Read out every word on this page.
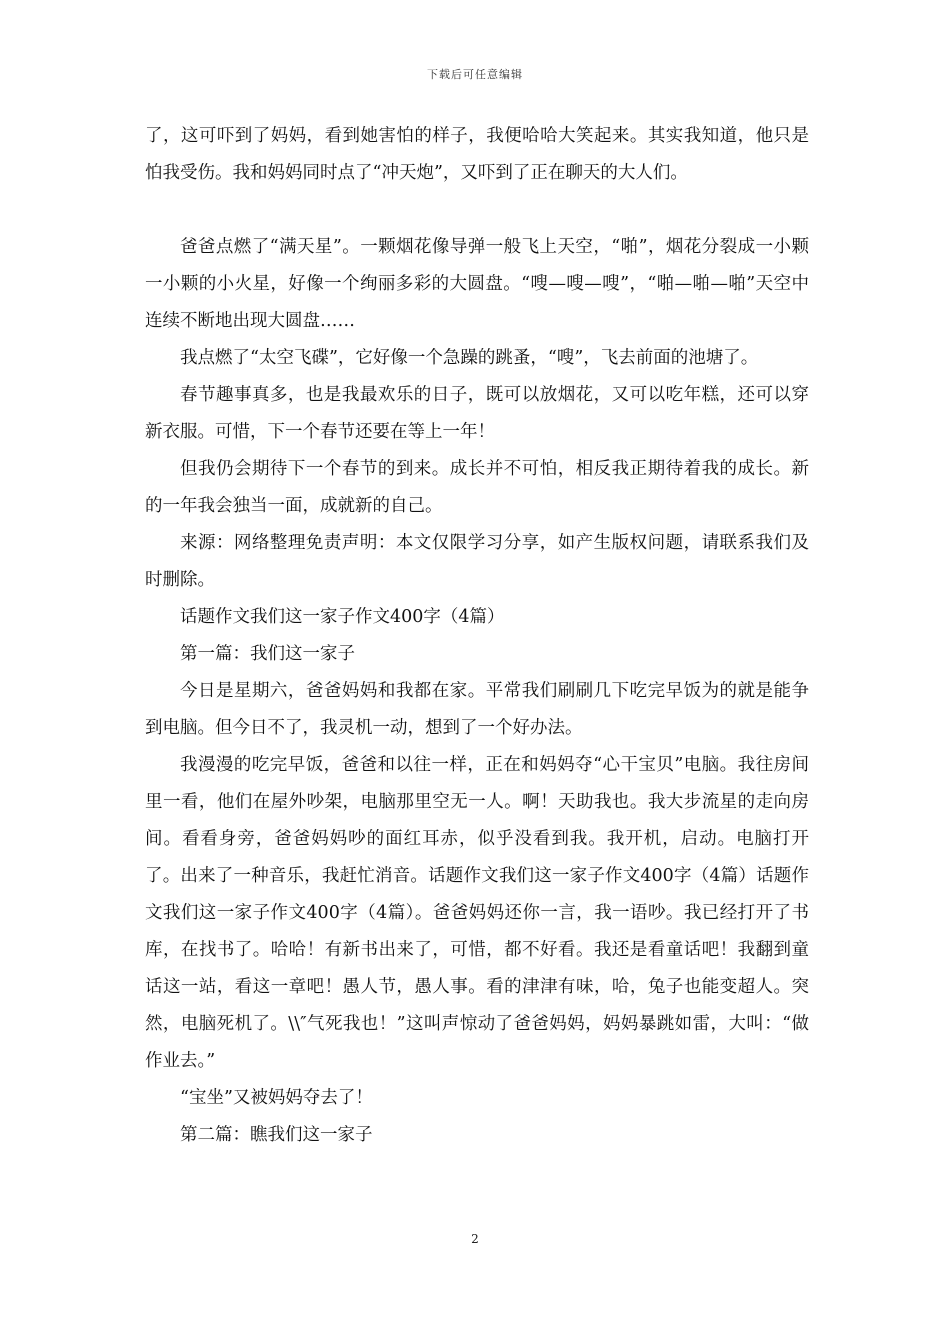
下载后可任意编辑

了，这可吓到了妈妈，看到她害怕的样子，我便哈哈大笑起来。其实我知道，他只是怕我受伤。我和妈妈同时点了“冲天炮”，又吓到了正在聊天的大人们。

爸爸点燃了“满天星”。一颗烟花像导弹一般飞上天空，“啪”，烟花分裂成一小颗一小颗的小火星，好像一个绚丽多彩的大圆盘。“嗖—嗖—嗖”，“啪—啪—啪”天空中连续不断地出现大圆盘……

我点燃了“太空飞碟”，它好像一个急躁的跳蚤，“嗖”，飞去前面的池塘了。

春节趣事真多，也是我最欢乐的日子，既可以放烟花，又可以吃年糕，还可以穿新衣服。可惜，下一个春节还要在等上一年！

但我仍会期待下一个春节的到来。成长并不可怕，相反我正期待着我的成长。新的一年我会独当一面，成就新的自己。

来源：网络整理免责声明：本文仅限学习分享，如产生版权问题，请联系我们及时删除。

话题作文我们这一家子作文400字（4篇）

第一篇：我们这一家子

今日是星期六，爸爸妈妈和我都在家。平常我们刷刷几下吃完早饭为的就是能争到电脑。但今日不了，我灵机一动，想到了一个好办法。

我漫漫的吃完早饭，爸爸和以往一样，正在和妈妈夺“心干宝贝”电脑。我往房间里一看，他们在屋外吵架，电脑那里空无一人。啊！天助我也。我大步流星的走向房间。看看身旁，爸爸妈妈吵的面红耳赤，似乎没看到我。我开机，启动。电脑打开了。出来了一种音乐，我赶忙消音。话题作文我们这一家子作文400字（4篇）话题作文我们这一家子作文400字（4篇）。爸爸妈妈还你一言，我一语吵。我已经打开了书库，在找书了。哈哈！有新书出来了，可惜，都不好看。我还是看童话吧！我翻到童话这一站，看这一章吧！愚人节，愚人事。看的津津有味，哈，兔子也能变超人。突然，电脑死机了。\\″气死我也！”这叫声惊动了爸爸妈妈，妈妈暴跳如雷，大叫：“做作业去。”

“宝坐”又被妈妈夺去了！

第二篇：瞧我们这一家子

2
